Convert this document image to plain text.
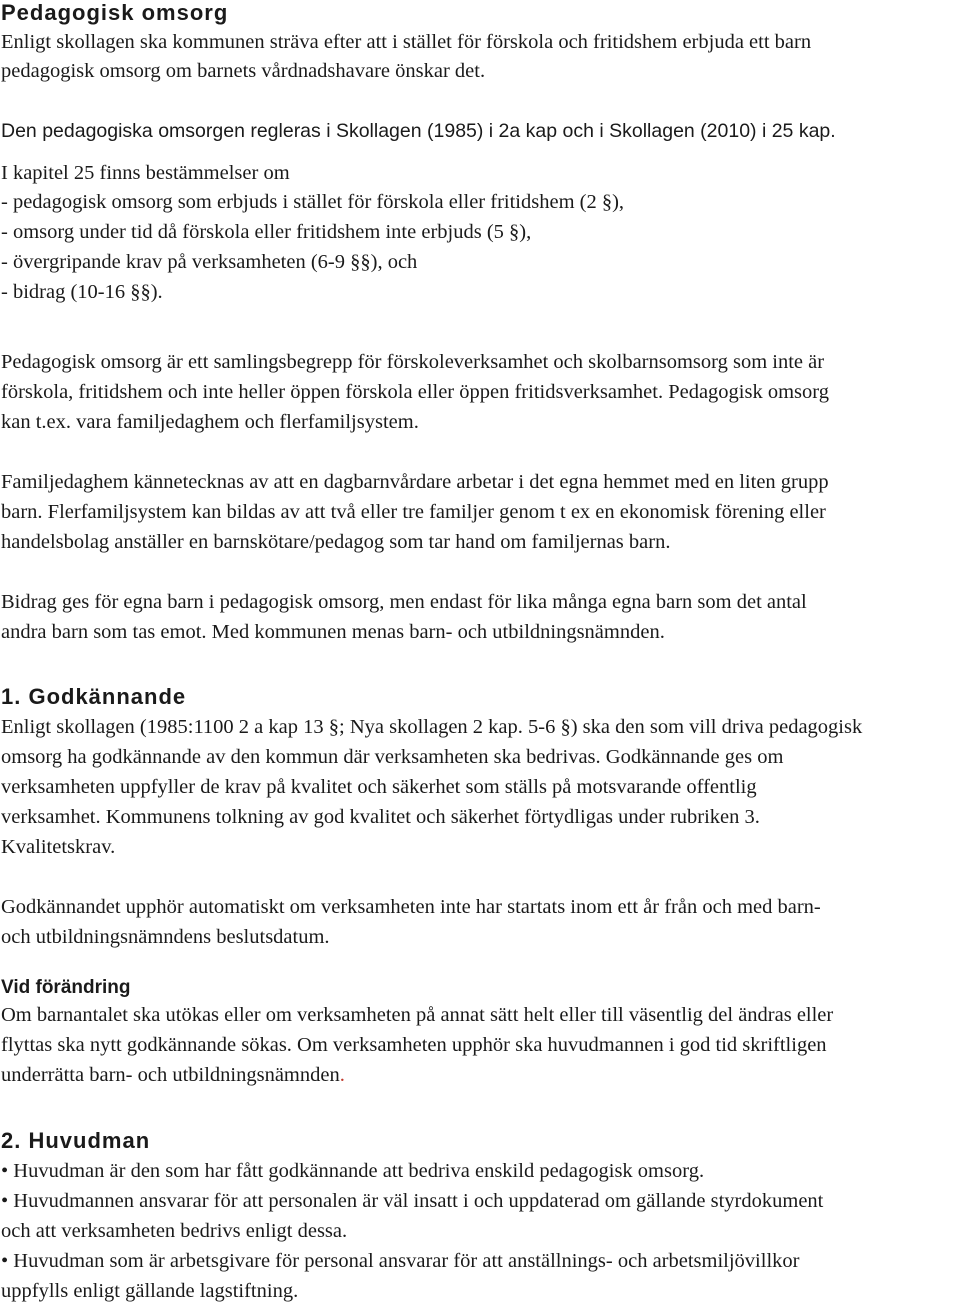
Pedagogisk omsorg

Enligt skollagen ska kommunen sträva efter att i stället för förskola och fritidshem erbjuda ett barn

pedagogisk omsorg om barnets vårdnadshavare önskar det.

Den pedagogiska omsorgen regleras i Skollagen (1985) i 2a kap och i Skollagen (2010) i 25 kap.

I kapitel 25 finns bestämmelser om

- pedagogisk omsorg som erbjuds i stället för förskola eller fritidshem (2 §),

- omsorg under tid då förskola eller fritidshem inte erbjuds (5 §),

- övergripande krav på verksamheten (6-9 §§), och

- bidrag (10-16 §§).

Pedagogisk omsorg är ett samlingsbegrepp för förskoleverksamhet och skolbarnsomsorg som inte är

förskola, fritidshem och inte heller öppen förskola eller öppen fritidsverksamhet. Pedagogisk omsorg

kan t.ex. vara familjedaghem och flerfamiljsystem.

Familjedaghem kännetecknas av att en dagbarnvårdare arbetar i det egna hemmet med en liten grupp

barn. Flerfamiljsystem kan bildas av att två eller tre familjer genom t ex en ekonomisk förening eller

handelsbolag anställer en barnskötare/pedagog som tar hand om familjernas barn.

Bidrag ges för egna barn i pedagogisk omsorg, men endast för lika många egna barn som det antal

andra barn som tas emot. Med kommunen menas barn- och utbildningsnämnden.

1. Godkännande

Enligt skollagen (1985:1100 2 a kap 13 §; Nya skollagen 2 kap. 5-6 §) ska den som vill driva pedagogisk

omsorg ha godkännande av den kommun där verksamheten ska bedrivas. Godkännande ges om

verksamheten uppfyller de krav på kvalitet och säkerhet som ställs på motsvarande offentlig

verksamhet. Kommunens tolkning av god kvalitet och säkerhet förtydligas under rubriken 3.

Kvalitetskrav.

Godkännandet upphör automatiskt om verksamheten inte har startats inom ett år från och med barn-

och utbildningsnämndens beslutsdatum.

Vid förändring

Om barnantalet ska utökas eller om verksamheten på annat sätt helt eller till väsentlig del ändras eller

flyttas ska nytt godkännande sökas. Om verksamheten upphör ska huvudmannen i god tid skriftligen

underrätta barn- och utbildningsnämnden.

2. Huvudman

• Huvudman är den som har fått godkännande att bedriva enskild pedagogisk omsorg.

• Huvudmannen ansvarar för att personalen är väl insatt i och uppdaterad om gällande styrdokument

och att verksamheten bedrivs enligt dessa.

• Huvudman som är arbetsgivare för personal ansvarar för att anställnings- och arbetsmiljövillkor

uppfylls enligt gällande lagstiftning.
